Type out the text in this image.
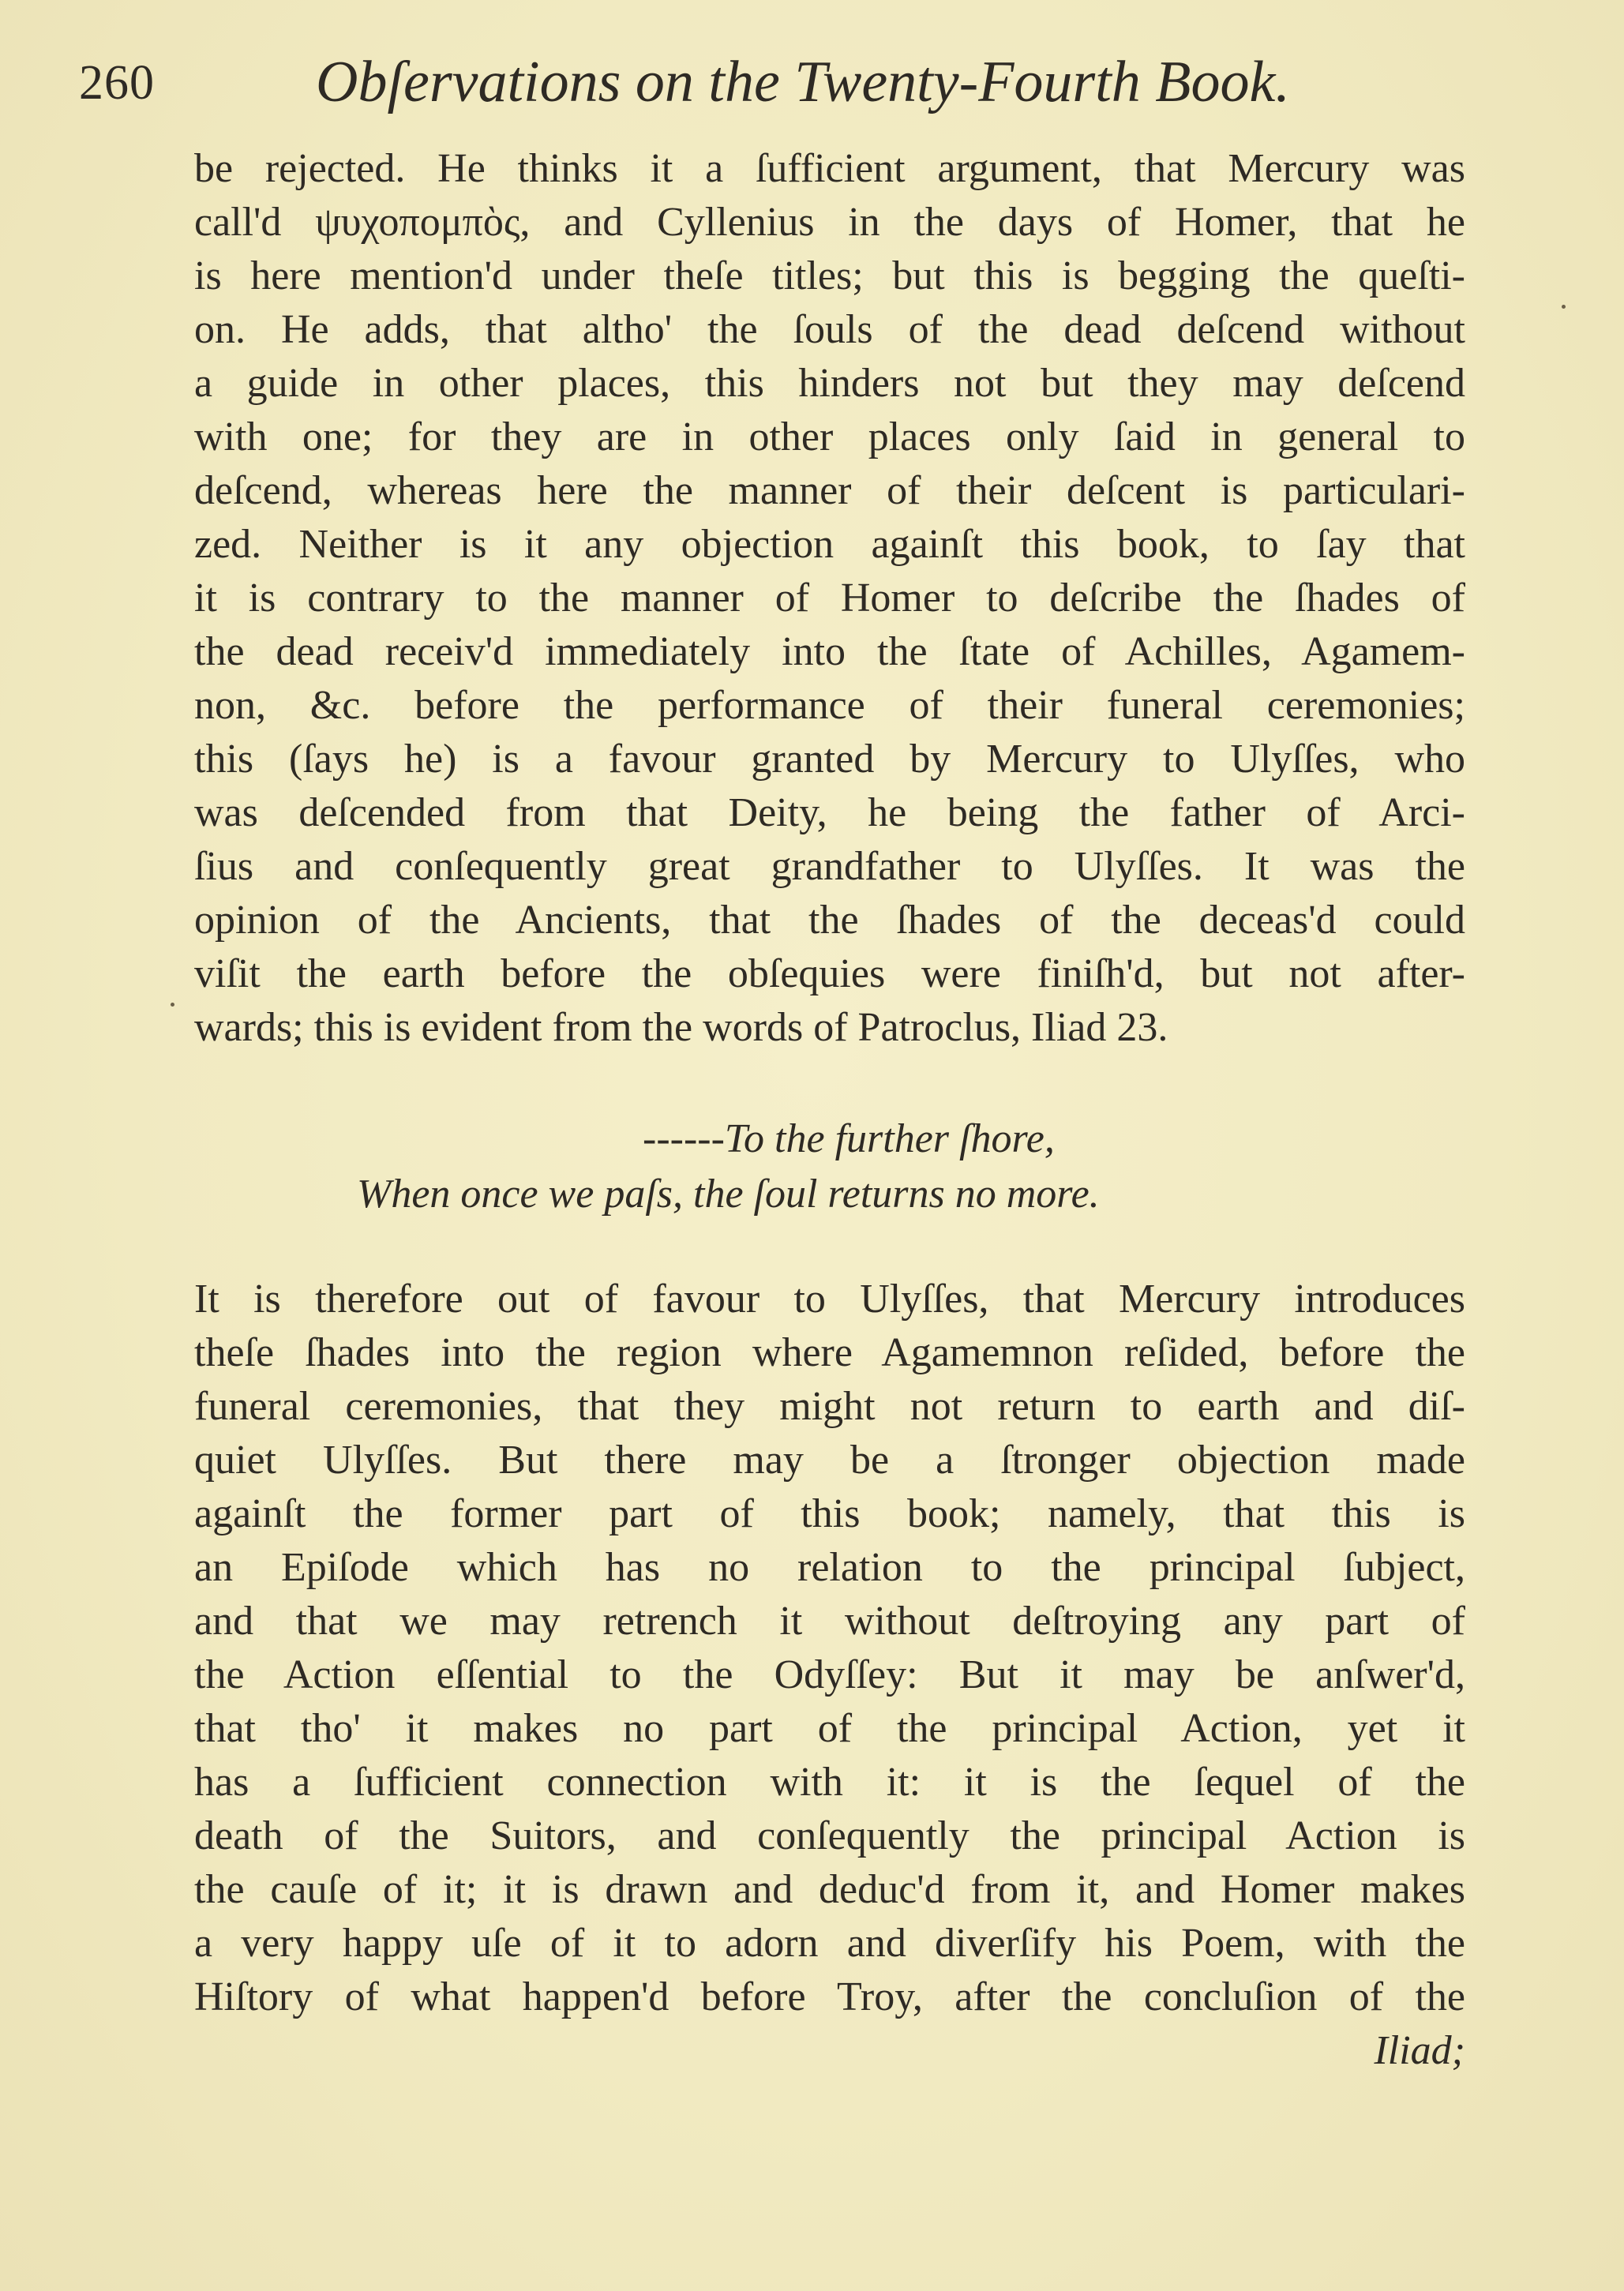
260	Obſervations on the Twenty-Fourth Book.
be rejected. He thinks it a ſufficient argument, that Mercury was
call'd ψυχοπομπὸς, and Cyllenius in the days of Homer, that he
is here mention'd under theſe titles; but this is begging the queſti-
on. He adds, that altho' the ſouls of the dead deſcend without
a guide in other places, this hinders not but they may deſcend
with one; for they are in other places only ſaid in general to
deſcend, whereas here the manner of their deſcent is particulari-
zed. Neither is it any objection againſt this book, to ſay that
it is contrary to the manner of Homer to deſcribe the ſhades of
the dead receiv'd immediately into the ſtate of Achilles, Agamem-
non, &c. before the performance of their funeral ceremonies;
this (ſays he) is a favour granted by Mercury to Ulyſſes, who
was deſcended from that Deity, he being the father of Arci-
ſius and conſequently great grandfather to Ulyſſes. It was the
opinion of the Ancients, that the ſhades of the deceas'd could
viſit the earth before the obſequies were finiſh'd, but not after-
wards; this is evident from the words of Patroclus, Iliad 23.
------To the further ſhore,
When once we paſs, the ſoul returns no more.
It is therefore out of favour to Ulyſſes, that Mercury introduces
theſe ſhades into the region where Agamemnon reſided, before the
funeral ceremonies, that they might not return to earth and diſ-
quiet Ulyſſes. But there may be a ſtronger objection made
againſt the former part of this book; namely, that this is
an Epiſode which has no relation to the principal ſubject,
and that we may retrench it without deſtroying any part of
the Action eſſential to the Odyſſey: But it may be anſwer'd,
that tho' it makes no part of the principal Action, yet it
has a ſufficient connection with it: it is the ſequel of the
death of the Suitors, and conſequently the principal Action is
the cauſe of it; it is drawn and deduc'd from it, and Homer makes
a very happy uſe of it to adorn and diverſify his Poem, with the
Hiſtory of what happen'd before Troy, after the concluſion of the
Iliad;
